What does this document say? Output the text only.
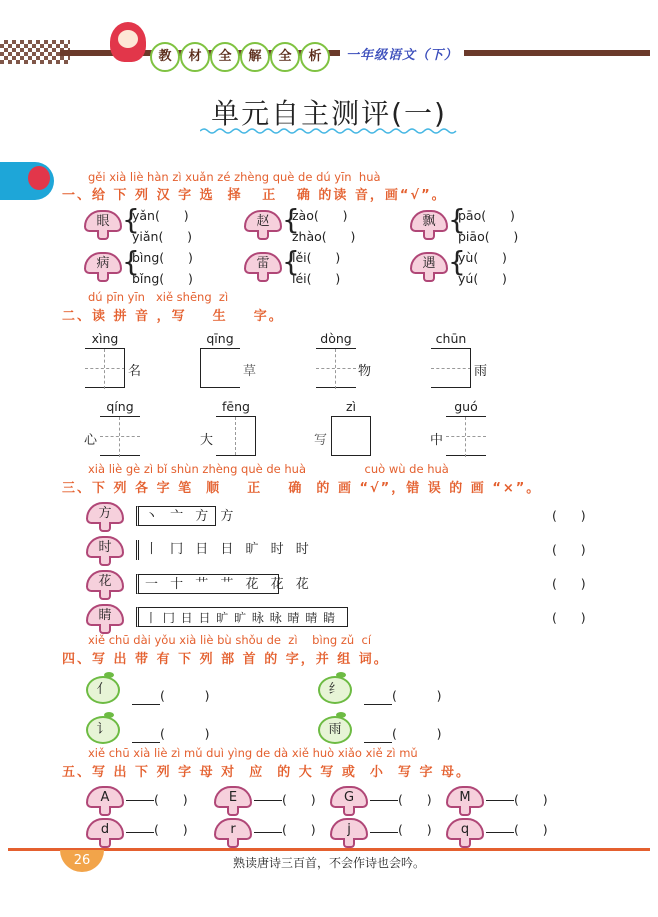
教	材	全	解	全	析	一年级语文（下）
单元自主测评(一)
gěi xià liè hàn zì xuǎn zé zhèng què de dú yīn  huà
一、给 下 列 汉 字 选  择   正   确 的读 音，画“√”。
眼 {
yǎn(      )
yiǎn(      )
赵 {
zào(      )
zhào(      )
飘 {
pāo(      )
piāo(      )
病 {
bìng(      )
bǐng(      )
雷 {
lěi(      )
léi(      )
遇 {
yù(      )
yú(      )
dú pīn yīn   xiě shēng  zì
二、读 拼 音 ，写    生    字。
xìng
名
qīng
草
dòng
物
chūn
雨
qíng
心
fēng
大
zì
写
guó
中
xià liè gè zì bǐ shùn zhèng què de huà                cuò wù de huà
三、下 列 各 字 笔  顺    正    确  的 画 “√”，错 误 的 画 “×”。
方	丶 亠 方 方	(      )
时	丨 冂 日 日 旷 时 时	(      )
花	一 十 艹 艹 花 花 花	(      )
睛	丨 冂 日 日 旷 旷 昹 昹 晴 晴 睛	(      )
xiě chū dài yǒu xià liè bù shǒu de  zì    bìng zǔ  cí
四、写 出 带 有 下 列 部 首 的 字，并 组 词。
亻	(          )	纟	(          )
讠	(          )	雨	(          )
xiě chū xià liè zì mǔ duì yìng de dà xiě huò xiǎo xiě zì mǔ
五、写 出 下 列 字 母 对  应  的 大 写 或  小  写 字 母。
A	(      )	E	(      )	G	(      )	M	(      )
d	(      )	r	(      )	j	(      )	q	(      )
26	熟读唐诗三百首，不会作诗也会吟。
